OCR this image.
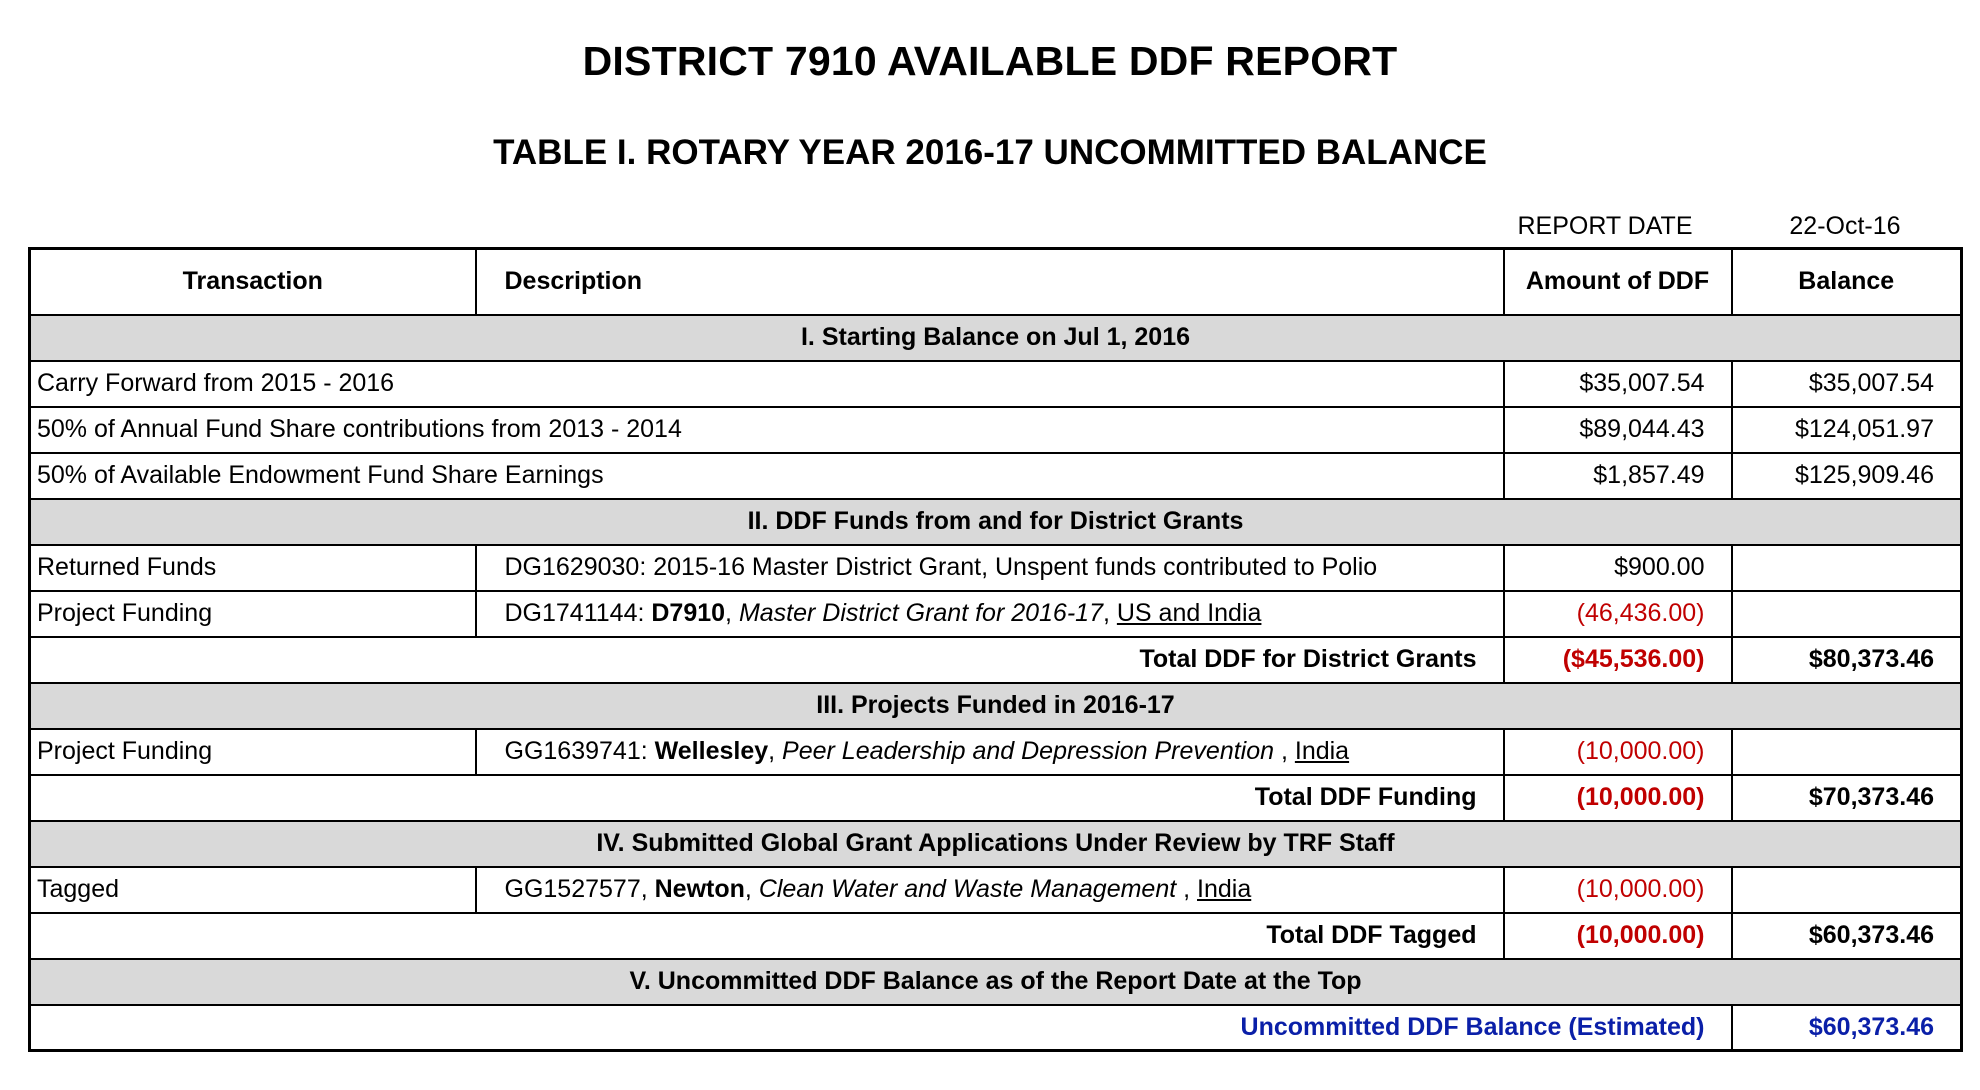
DISTRICT 7910 AVAILABLE DDF REPORT
TABLE I. ROTARY YEAR 2016-17 UNCOMMITTED BALANCE
REPORT DATE	22-Oct-16
Transaction	Description	Amount of DDF	Balance
I. Starting Balance on Jul 1, 2016			
Carry Forward from 2015 - 2016		$35,007.54	$35,007.54
50% of Annual Fund Share contributions from 2013 - 2014		$89,044.43	$124,051.97
50% of Available Endowment Fund Share Earnings		$1,857.49	$125,909.46
II. DDF Funds from and for District Grants			
Returned Funds	DG1629030: 2015-16 Master District Grant, Unspent funds contributed to Polio	$900.00	
Project Funding	DG1741144: D7910, Master District Grant for 2016-17, US and India	(46,436.00)	
Total DDF for District Grants		($45,536.00)	$80,373.46
III. Projects Funded in 2016-17			
Project Funding	GG1639741: Wellesley, Peer Leadership and Depression Prevention , India	(10,000.00)	
Total DDF Funding		(10,000.00)	$70,373.46
IV. Submitted Global Grant Applications Under Review by TRF Staff			
Tagged	GG1527577, Newton, Clean Water and Waste Management , India	(10,000.00)	
Total DDF Tagged		(10,000.00)	$60,373.46
V. Uncommitted DDF Balance as of the Report Date at the Top			
Uncommitted DDF Balance (Estimated)			$60,373.46
